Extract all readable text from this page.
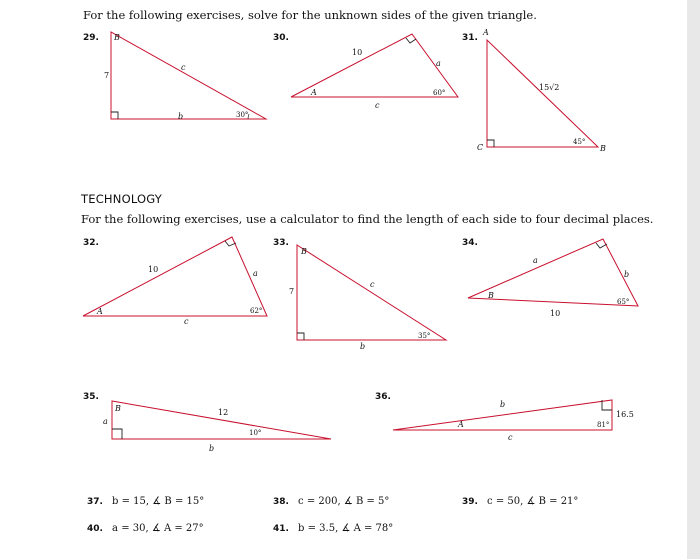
For the following exercises, solve for the unknown sides of the given triangle.
29.	30.	31.
B
7
c
b	30°
10
a
A	60°
c
A
15√2
C
45°
B
10	a
A	62°
c
B
7
c
35°
b
a
b
B
65°
10
B
a
12
10°
b
b
A
c
81°
16.5
TECHNOLOGY
For the following exercises, use a calculator to find the length of each side to four decimal places.
32.	33.	34.
35.	36.
37. b = 15, ∡ B = 15°	38. c = 200, ∡ B = 5°	39. c = 50, ∡ B = 21°
40. a = 30, ∡ A = 27°	41. b = 3.5, ∡ A = 78°
